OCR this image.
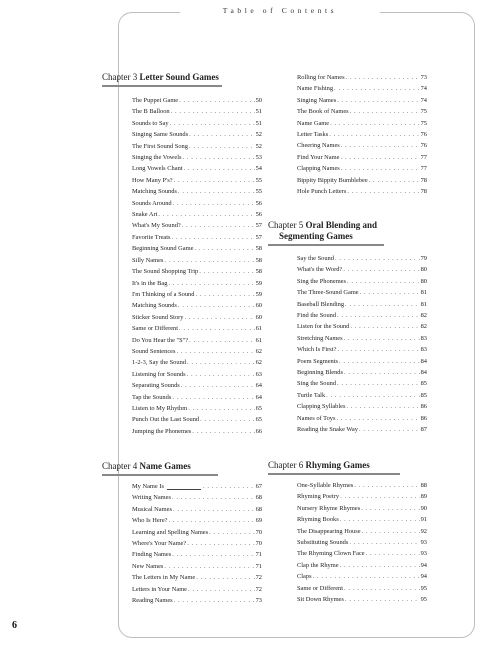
Table of Contents
Chapter 3 Letter Sound Games
The Puppet Game . . .	50
The B Balloon . . .	51
Sounds to Say . . .	51
Singing Same Sounds . . .	52
The First Sound Song . . .	52
Singing the Vowels . . .	53
Long Vowels Chant . . .	54
How Many P's? . . .	55
Matching Sounds . . .	55
Sounds Around . . .	56
Snake Art . . .	56
What's My Sound? . . .	57
Favorite Treats . . .	57
Beginning Sound Game . . .	58
Silly Names . . .	58
The Sound Shopping Trip . . .	58
It's in the Bag . . .	59
I'm Thinking of a Sound . . .	59
Matching Sounds . . .	60
Sticker Sound Story . . .	60
Same or Different . . .	61
Do You Hear the "S"? . . .	61
Sound Sentences . . .	62
1-2-3, Say the Sound . . .	62
Listening for Sounds . . .	63
Separating Sounds . . .	64
Tap the Sounds . . .	64
Listen to My Rhythm . . .	65
Punch Out the Last Sound . . .	65
Jumping the Phonemes . . .	66
Chapter 4 Name Games
My Name Is . . .	67
Writing Names . . .	68
Musical Names . . .	68
Who Is Here? . . .	69
Learning and Spelling Names . . .	70
Where's Your Name? . . .	70
Finding Names . . .	71
New Names . . .	71
The Letters in My Name . . .	72
Letters in Your Name . . .	72
Reading Names . . .	73
Rolling for Names . . .	73
Name Fishing . . .	74
Singing Names . . .	74
The Book of Names . . .	75
Name Game . . .	75
Letter Tasks . . .	76
Cheering Names . . .	76
Find Your Name . . .	77
Clapping Names . . .	77
Bippity Bippity Bumblebee . . .	78
Hole Punch Letters . . .	78
Chapter 5 Oral Blending and
Segmenting Games
Say the Sound . . .	79
What's the Word? . . .	80
Sing the Phonemes . . .	80
The Three-Sound Game . . .	81
Baseball Blending . . .	81
Find the Sound . . .	82
Listen for the Sound . . .	82
Stretching Names . . .	83
Which Is First? . . .	83
Poem Segments . . .	84
Beginning Blends . . .	84
Sing the Sound . . .	85
Turtle Talk . . .	85
Clapping Syllables . . .	86
Names of Toys . . .	86
Reading the Snake Way . . .	87
Chapter 6 Rhyming Games
One-Syllable Rhymes . . .	88
Rhyming Poetry . . .	89
Nursery Rhyme Rhymes . . .	90
Rhyming Books . . .	91
The Disappearing House . . .	92
Substituting Sounds . . .	93
The Rhyming Clown Face . . .	93
Clap the Rhyme . . .	94
Claps . . .	94
Same or Different . . .	95
Sit Down Rhymes . . .	95
6
